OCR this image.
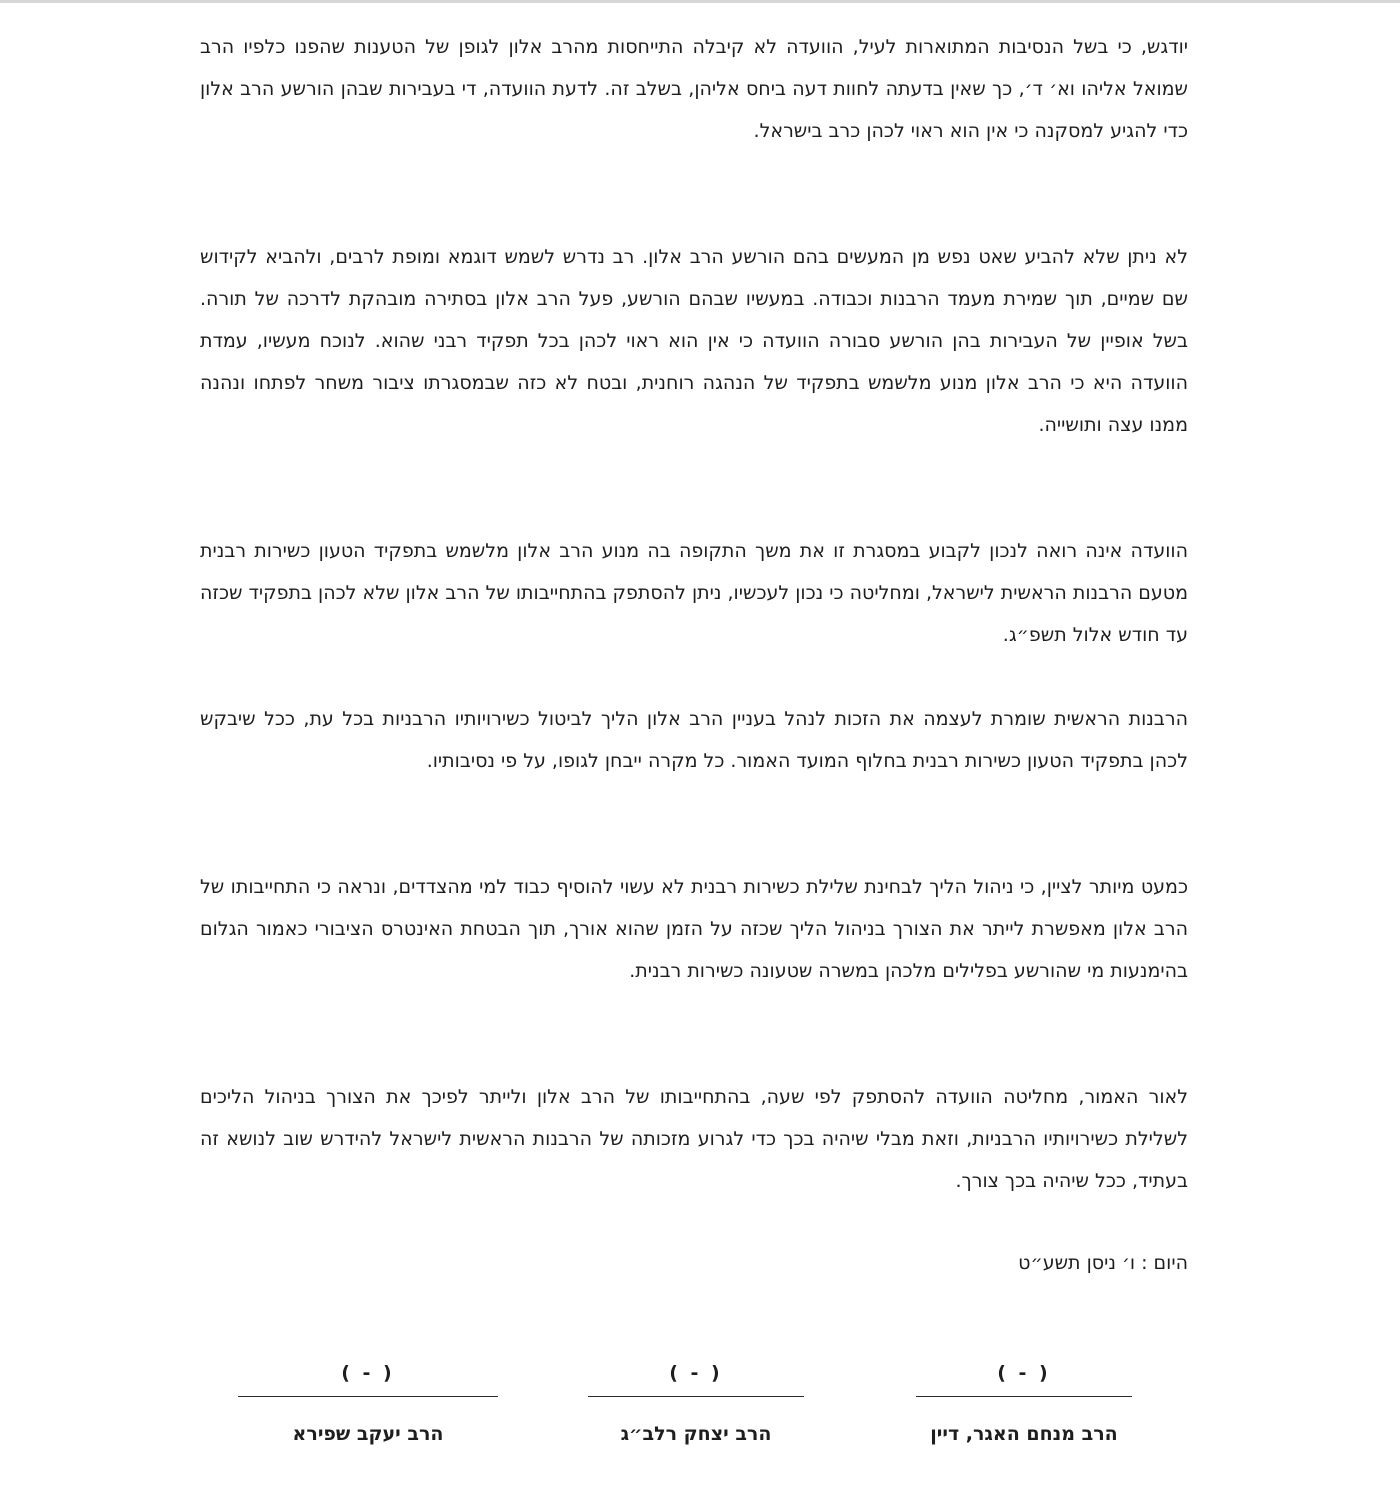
יודגש, כי בשל הנסיבות המתוארות לעיל, הוועדה לא קיבלה התייחסות מהרב אלון לגופן של הטענות שהפנו כלפיו הרב שמואל אליהו וא׳ ד׳, כך שאין בדעתה לחוות דעה ביחס אליהן, בשלב זה. לדעת הוועדה, די בעבירות שבהן הורשע הרב אלון כדי להגיע למסקנה כי אין הוא ראוי לכהן כרב בישראל.

לא ניתן שלא להביע שאט נפש מן המעשים בהם הורשע הרב אלון. רב נדרש לשמש דוגמא ומופת לרבים, ולהביא לקידוש שם שמיים, תוך שמירת מעמד הרבנות וכבודה. במעשיו שבהם הורשע, פעל הרב אלון בסתירה מובהקת לדרכה של תורה. בשל אופיין של העבירות בהן הורשע סבורה הוועדה כי אין הוא ראוי לכהן בכל תפקיד רבני שהוא. לנוכח מעשיו, עמדת הוועדה היא כי הרב אלון מנוע מלשמש בתפקיד של הנהגה רוחנית, ובטח לא כזה שבמסגרתו ציבור משחר לפתחו ונהנה ממנו עצה ותושייה.

הוועדה אינה רואה לנכון לקבוע במסגרת זו את משך התקופה בה מנוע הרב אלון מלשמש בתפקיד הטעון כשירות רבנית מטעם הרבנות הראשית לישראל, ומחליטה כי נכון לעכשיו, ניתן להסתפק בהתחייבותו של הרב אלון שלא לכהן בתפקיד שכזה עד חודש אלול תשפ״ג.

הרבנות הראשית שומרת לעצמה את הזכות לנהל בעניין הרב אלון הליך לביטול כשירויותיו הרבניות בכל עת, ככל שיבקש לכהן בתפקיד הטעון כשירות רבנית בחלוף המועד האמור. כל מקרה ייבחן לגופו, על פי נסיבותיו.

כמעט מיותר לציין, כי ניהול הליך לבחינת שלילת כשירות רבנית לא עשוי להוסיף כבוד למי מהצדדים, ונראה כי התחייבותו של הרב אלון מאפשרת לייתר את הצורך בניהול הליך שכזה על הזמן שהוא אורך, תוך הבטחת האינטרס הציבורי כאמור הגלום בהימנעות מי שהורשע בפלילים מלכהן במשרה שטעונה כשירות רבנית.

לאור האמור, מחליטה הוועדה להסתפק לפי שעה, בהתחייבותו של הרב אלון ולייתר לפיכך את הצורך בניהול הליכים לשלילת כשירויותיו הרבניות, וזאת מבלי שיהיה בכך כדי לגרוע מזכותה של הרבנות הראשית לישראל להידרש שוב לנושא זה בעתיד, ככל שיהיה בכך צורך.

היום : ו׳ ניסן תשע״ט
( - )
הרב מנחם האגר, דיין
( - )
הרב יצחק רלב״ג
( - )
הרב יעקב שפירא
